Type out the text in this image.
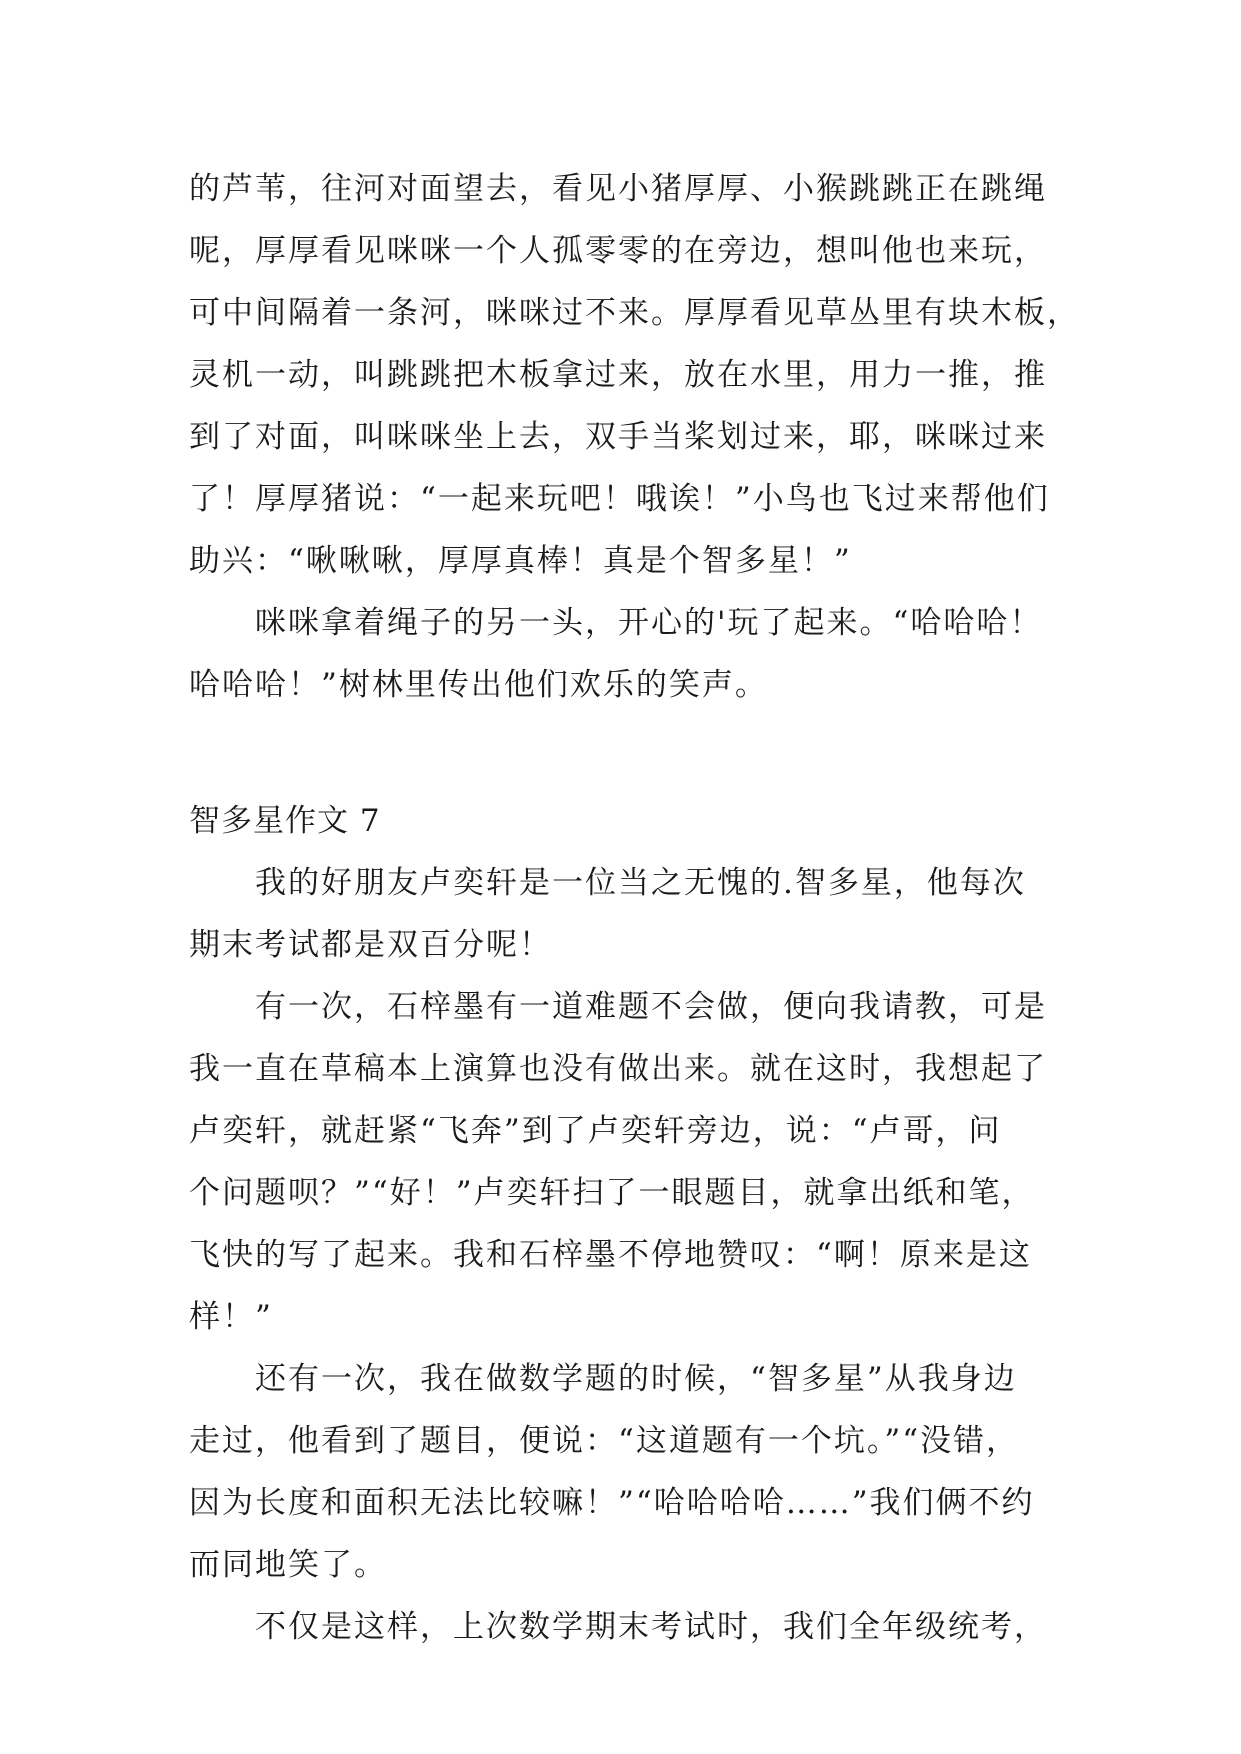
的芦苇，往河对面望去，看见小猪厚厚、小猴跳跳正在跳绳
呢，厚厚看见咪咪一个人孤零零的在旁边，想叫他也来玩，
可中间隔着一条河，咪咪过不来。厚厚看见草丛里有块木板，
灵机一动，叫跳跳把木板拿过来，放在水里，用力一推，推
到了对面，叫咪咪坐上去，双手当桨划过来，耶，咪咪过来
了！厚厚猪说：“一起来玩吧！哦诶！”小鸟也飞过来帮他们
助兴：“啾啾啾，厚厚真棒！真是个智多星！”
咪咪拿着绳子的另一头，开心的'玩了起来。“哈哈哈！
哈哈哈！”树林里传出他们欢乐的笑声。
智多星作文 7
我的好朋友卢奕轩是一位当之无愧的.智多星，他每次
期末考试都是双百分呢！
有一次，石梓墨有一道难题不会做，便向我请教，可是
我一直在草稿本上演算也没有做出来。就在这时，我想起了
卢奕轩，就赶紧“飞奔”到了卢奕轩旁边，说：“卢哥，问
个问题呗？”“好！”卢奕轩扫了一眼题目，就拿出纸和笔，
飞快的写了起来。我和石梓墨不停地赞叹：“啊！原来是这
样！”
还有一次，我在做数学题的时候，“智多星”从我身边
走过，他看到了题目，便说：“这道题有一个坑。”“没错，
因为长度和面积无法比较嘛！”“哈哈哈哈……”我们俩不约
而同地笑了。
不仅是这样，上次数学期末考试时，我们全年级统考，
